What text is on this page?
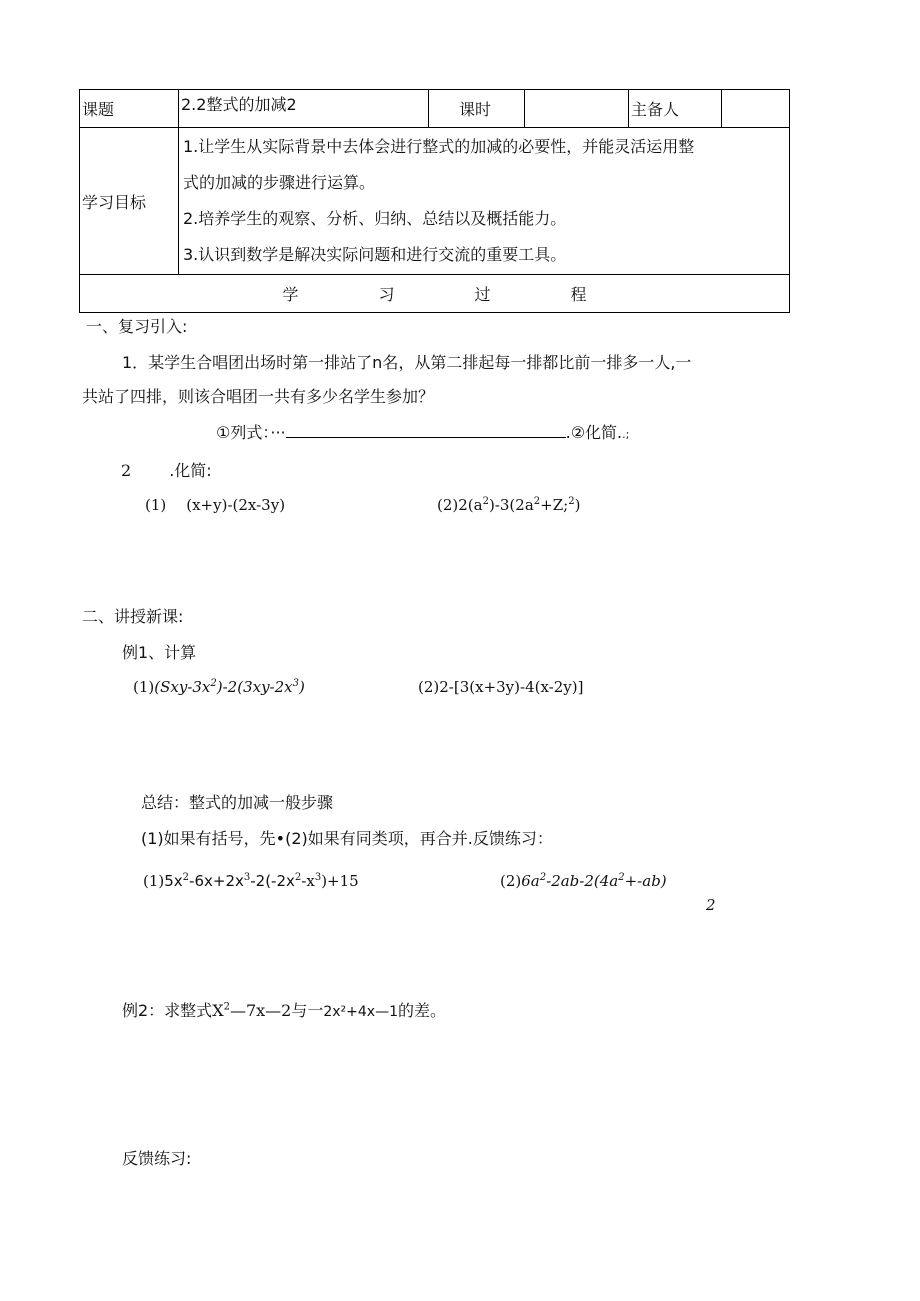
课题	2.2整式的加减2	课时		主备人	
学习目标	1.让学生从实际背景中去体会进行整式的加减的必要性，并能灵活运用整
式的加减的步骤进行运算。
2.培养学生的观察、分析、归纳、总结以及概括能力。
3.认识到数学是解决实际问题和进行交流的重要工具。				

学 习 过 程					
一、复习引入:
1．某学生合唱团出场时第一排站了n名，从第二排起每一排都比前一排多一人,一
共站了四排，则该合唱团一共有多少名学生参加？
①列式：···	.②化简..;
2 .化简:
(1) (x+y)-(2x-3y)	$(2)2(a^2)-3(2a^2+Z;^2)$
二、讲授新课:
例1、计算
$(1)(Sxy-3x^2)-2(3xy-2x^3)$	(2)2-[3(x+3y)-4(x-2y)]
总结：整式的加减一般步骤
(1)如果有括号，先•(2)如果有同类项，再合并.反馈练习：
$(1)5x^2-6x+2x^3-2(-2x^2-x^3)+15$	$(2)6a^2-2ab-2(4a^2+-ab)$
2
例2：求整式$X^2—7x—2$与一2x²+4x—1的差。
反馈练习:
